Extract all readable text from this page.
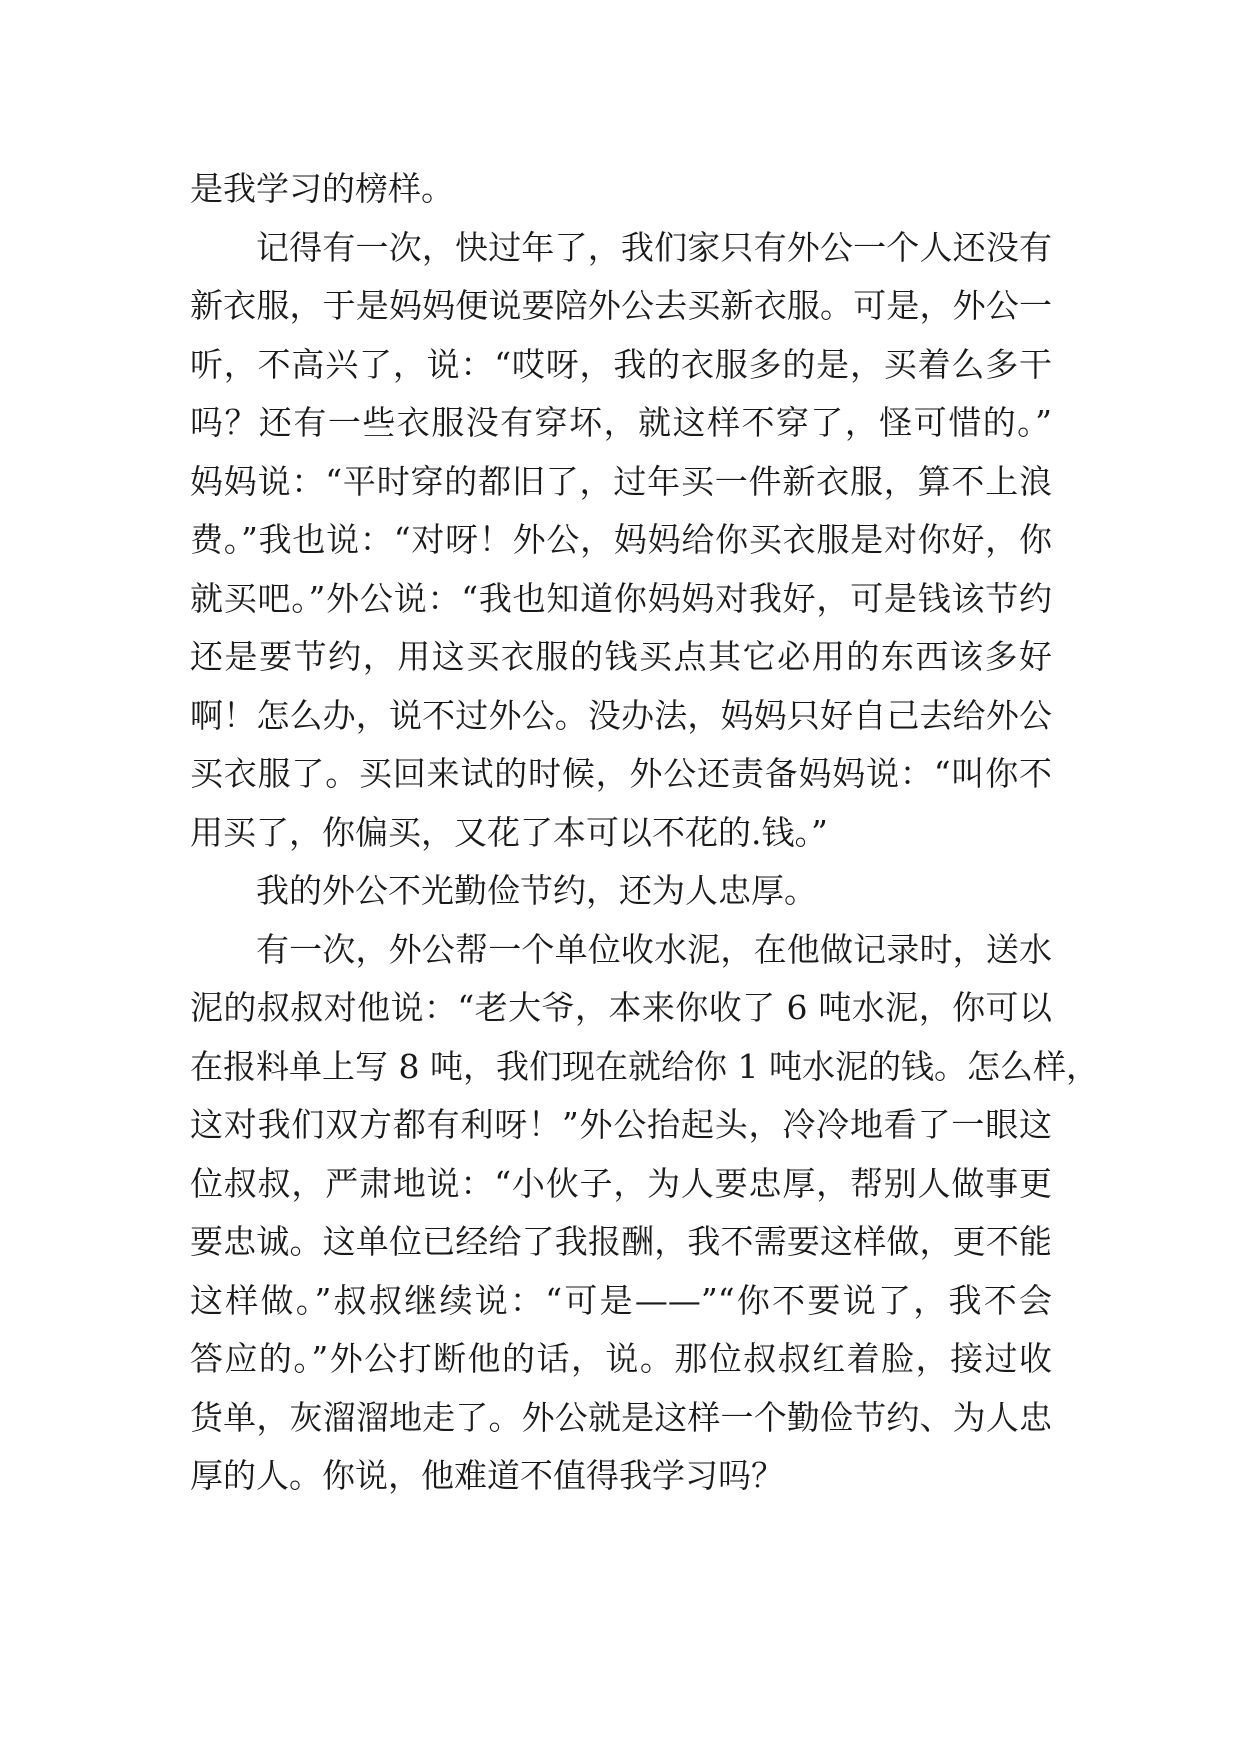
是我学习的榜样。
记得有一次，快过年了，我们家只有外公一个人还没有
新衣服，于是妈妈便说要陪外公去买新衣服。可是，外公一
听，不高兴了，说：“哎呀，我的衣服多的是，买着么多干
吗？还有一些衣服没有穿坏，就这样不穿了，怪可惜的。”
妈妈说：“平时穿的都旧了，过年买一件新衣服，算不上浪
费。”我也说：“对呀！外公，妈妈给你买衣服是对你好，你
就买吧。”外公说：“我也知道你妈妈对我好，可是钱该节约
还是要节约，用这买衣服的钱买点其它必用的东西该多好
啊！怎么办，说不过外公。没办法，妈妈只好自己去给外公
买衣服了。买回来试的时候，外公还责备妈妈说：“叫你不
用买了，你偏买，又花了本可以不花的.钱。”
我的外公不光勤俭节约，还为人忠厚。
有一次，外公帮一个单位收水泥，在他做记录时，送水
泥的叔叔对他说：“老大爷，本来你收了 6 吨水泥，你可以
在报料单上写 8 吨，我们现在就给你 1 吨水泥的钱。怎么样，
这对我们双方都有利呀！”外公抬起头，冷冷地看了一眼这
位叔叔，严肃地说：“小伙子，为人要忠厚，帮别人做事更
要忠诚。这单位已经给了我报酬，我不需要这样做，更不能
这样做。”叔叔继续说：“可是——”“你不要说了，我不会
答应的。”外公打断他的话，说。那位叔叔红着脸，接过收
货单，灰溜溜地走了。外公就是这样一个勤俭节约、为人忠
厚的人。你说，他难道不值得我学习吗？
